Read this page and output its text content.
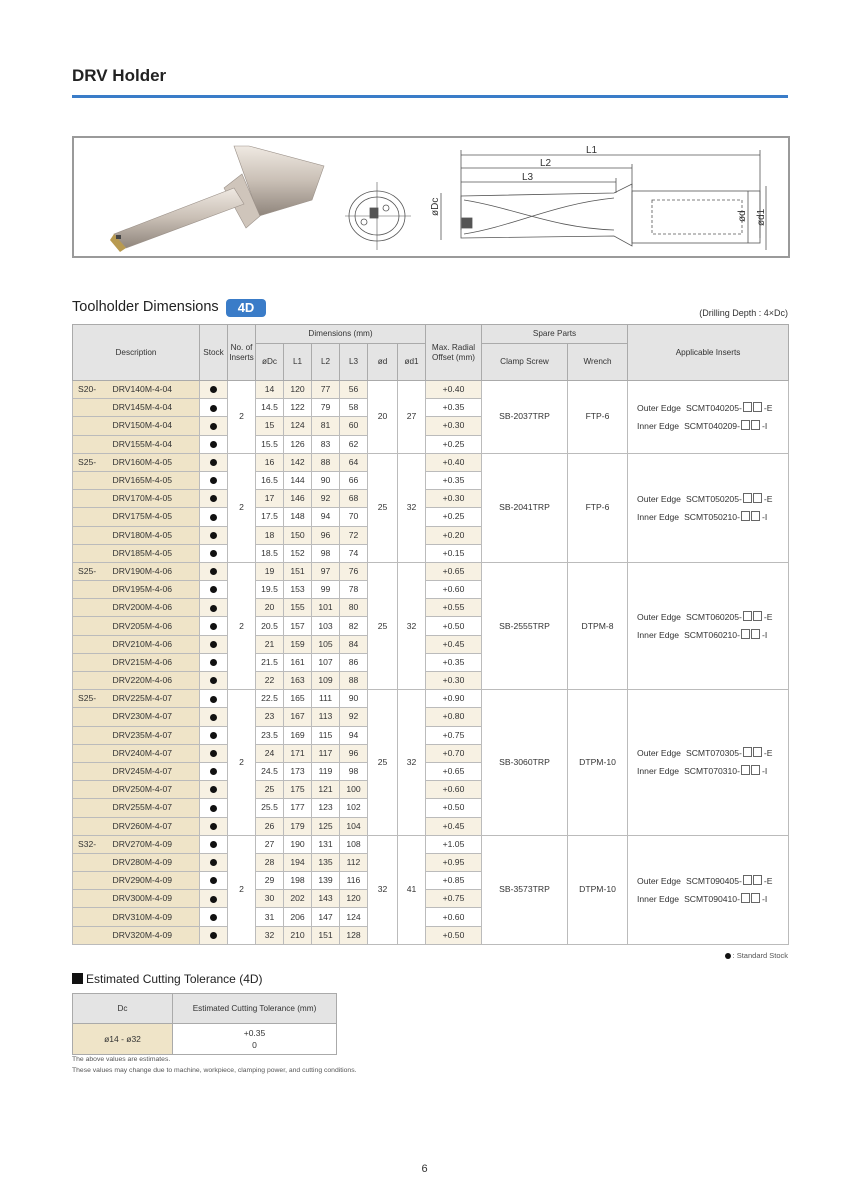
DRV Holder
L1
L2
L3
øDc
ød ød1
Toolholder Dimensions	4D	(Drilling Depth : 4×Dc)
Description		Stock	No. of Inserts	Dimensions (mm)						Max. Radial Offset (mm)	Spare Parts		Applicable Inserts
				øDc	L1	L2	L3	ød	ød1		Clamp Screw	Wrench	
S20-	DRV140M-4-04		2	14	120	77	56	20	27	+0.40	SB-2037TRP	FTP-6	Outer Edge SCMT040205- -E
Inner Edge SCMT040209- -I

	DRV145M-4-04			14.5	122	79	58			+0.35			
	DRV150M-4-04			15	124	81	60			+0.30			
	DRV155M-4-04			15.5	126	83	62			+0.25			
S25-	DRV160M-4-05		2	16	142	88	64	25	32	+0.40	SB-2041TRP	FTP-6	Outer Edge SCMT050205- -E
Inner Edge SCMT050210- -I

	DRV165M-4-05			16.5	144	90	66			+0.35			
	DRV170M-4-05			17	146	92	68			+0.30			
	DRV175M-4-05			17.5	148	94	70			+0.25			
	DRV180M-4-05			18	150	96	72			+0.20			
	DRV185M-4-05			18.5	152	98	74			+0.15			
S25-	DRV190M-4-06		2	19	151	97	76	25	32	+0.65	SB-2555TRP	DTPM-8	Outer Edge SCMT060205- -E
Inner Edge SCMT060210- -I

	DRV195M-4-06			19.5	153	99	78			+0.60			
	DRV200M-4-06			20	155	101	80			+0.55			
	DRV205M-4-06			20.5	157	103	82			+0.50			
	DRV210M-4-06			21	159	105	84			+0.45			
	DRV215M-4-06			21.5	161	107	86			+0.35			
	DRV220M-4-06			22	163	109	88			+0.30			
S25-	DRV225M-4-07		2	22.5	165	111	90	25	32	+0.90	SB-3060TRP	DTPM-10	Outer Edge SCMT070305- -E
Inner Edge SCMT070310- -I

	DRV230M-4-07			23	167	113	92			+0.80			
	DRV235M-4-07			23.5	169	115	94			+0.75			
	DRV240M-4-07			24	171	117	96			+0.70			
	DRV245M-4-07			24.5	173	119	98			+0.65			
	DRV250M-4-07			25	175	121	100			+0.60			
	DRV255M-4-07			25.5	177	123	102			+0.50			
	DRV260M-4-07			26	179	125	104			+0.45			
S32-	DRV270M-4-09		2	27	190	131	108	32	41	+1.05	SB-3573TRP	DTPM-10	Outer Edge SCMT090405- -E
Inner Edge SCMT090410- -I

	DRV280M-4-09			28	194	135	112			+0.95			
	DRV290M-4-09			29	198	139	116			+0.85			
	DRV300M-4-09			30	202	143	120			+0.75			
	DRV310M-4-09			31	206	147	124			+0.60			
	DRV320M-4-09			32	210	151	128			+0.50			
: Standard Stock
Estimated Cutting Tolerance (4D)
Dc	Estimated Cutting Tolerance (mm)
ø14 - ø32	+0.35
0
The above values are estimates.
These values may change due to machine, workpiece, clamping power, and cutting conditions.
6
